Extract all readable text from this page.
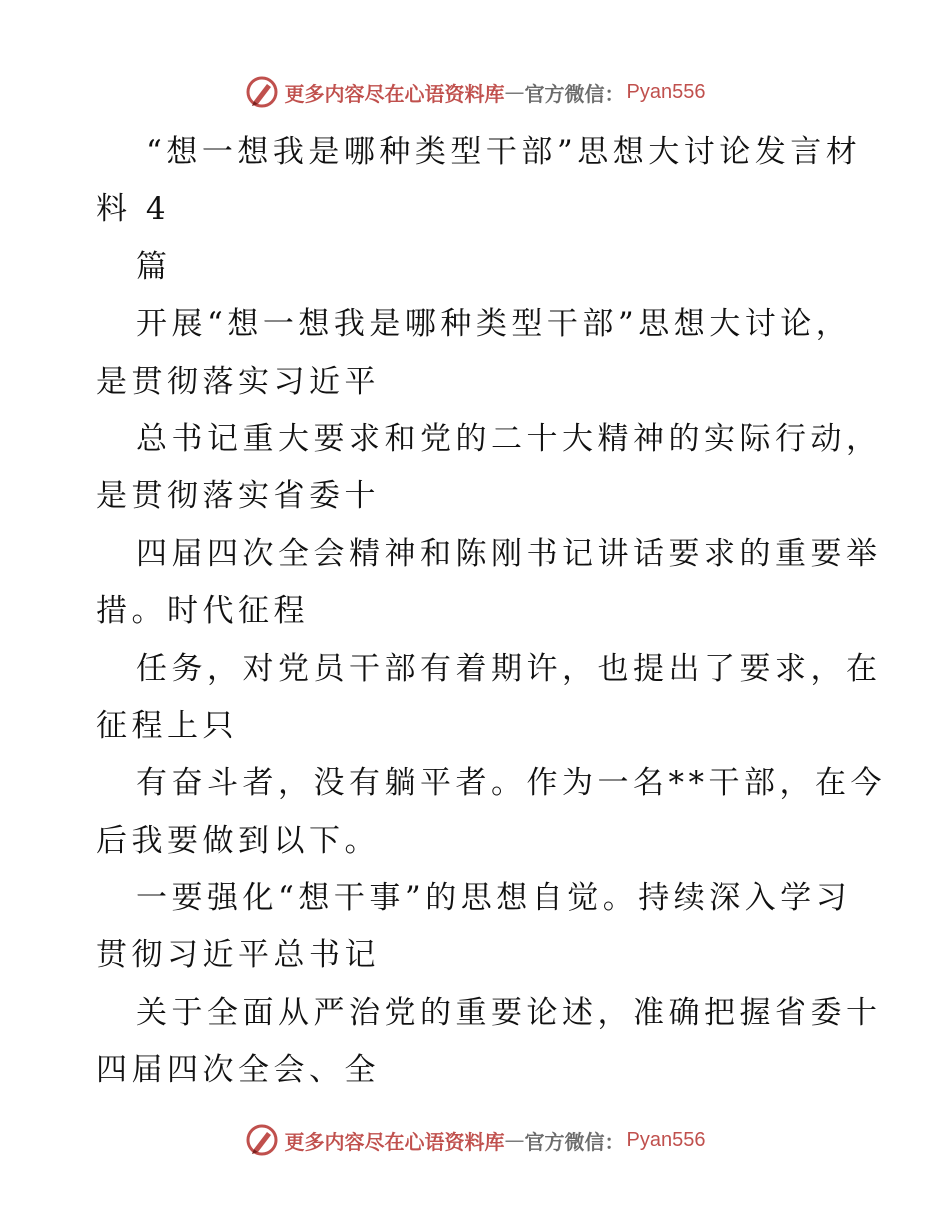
更多内容尽在心语资料库 — 官方微信： Pyan556
“想一想我是哪种类型干部”思想大讨论发言材
料 4
篇
开展“想一想我是哪种类型干部”思想大讨论，
是贯彻落实习近平
总书记重大要求和党的二十大精神的实际行动，
是贯彻落实省委十
四届四次全会精神和陈刚书记讲话要求的重要举
措。时代征程
任务，对党员干部有着期许，也提出了要求，在
征程上只
有奋斗者，没有躺平者。作为一名**干部，在今
后我要做到以下。
一要强化“想干事”的思想自觉。持续深入学习
贯彻习近平总书记
关于全面从严治党的重要论述，准确把握省委十
四届四次全会、全
更多内容尽在心语资料库 — 官方微信： Pyan556
